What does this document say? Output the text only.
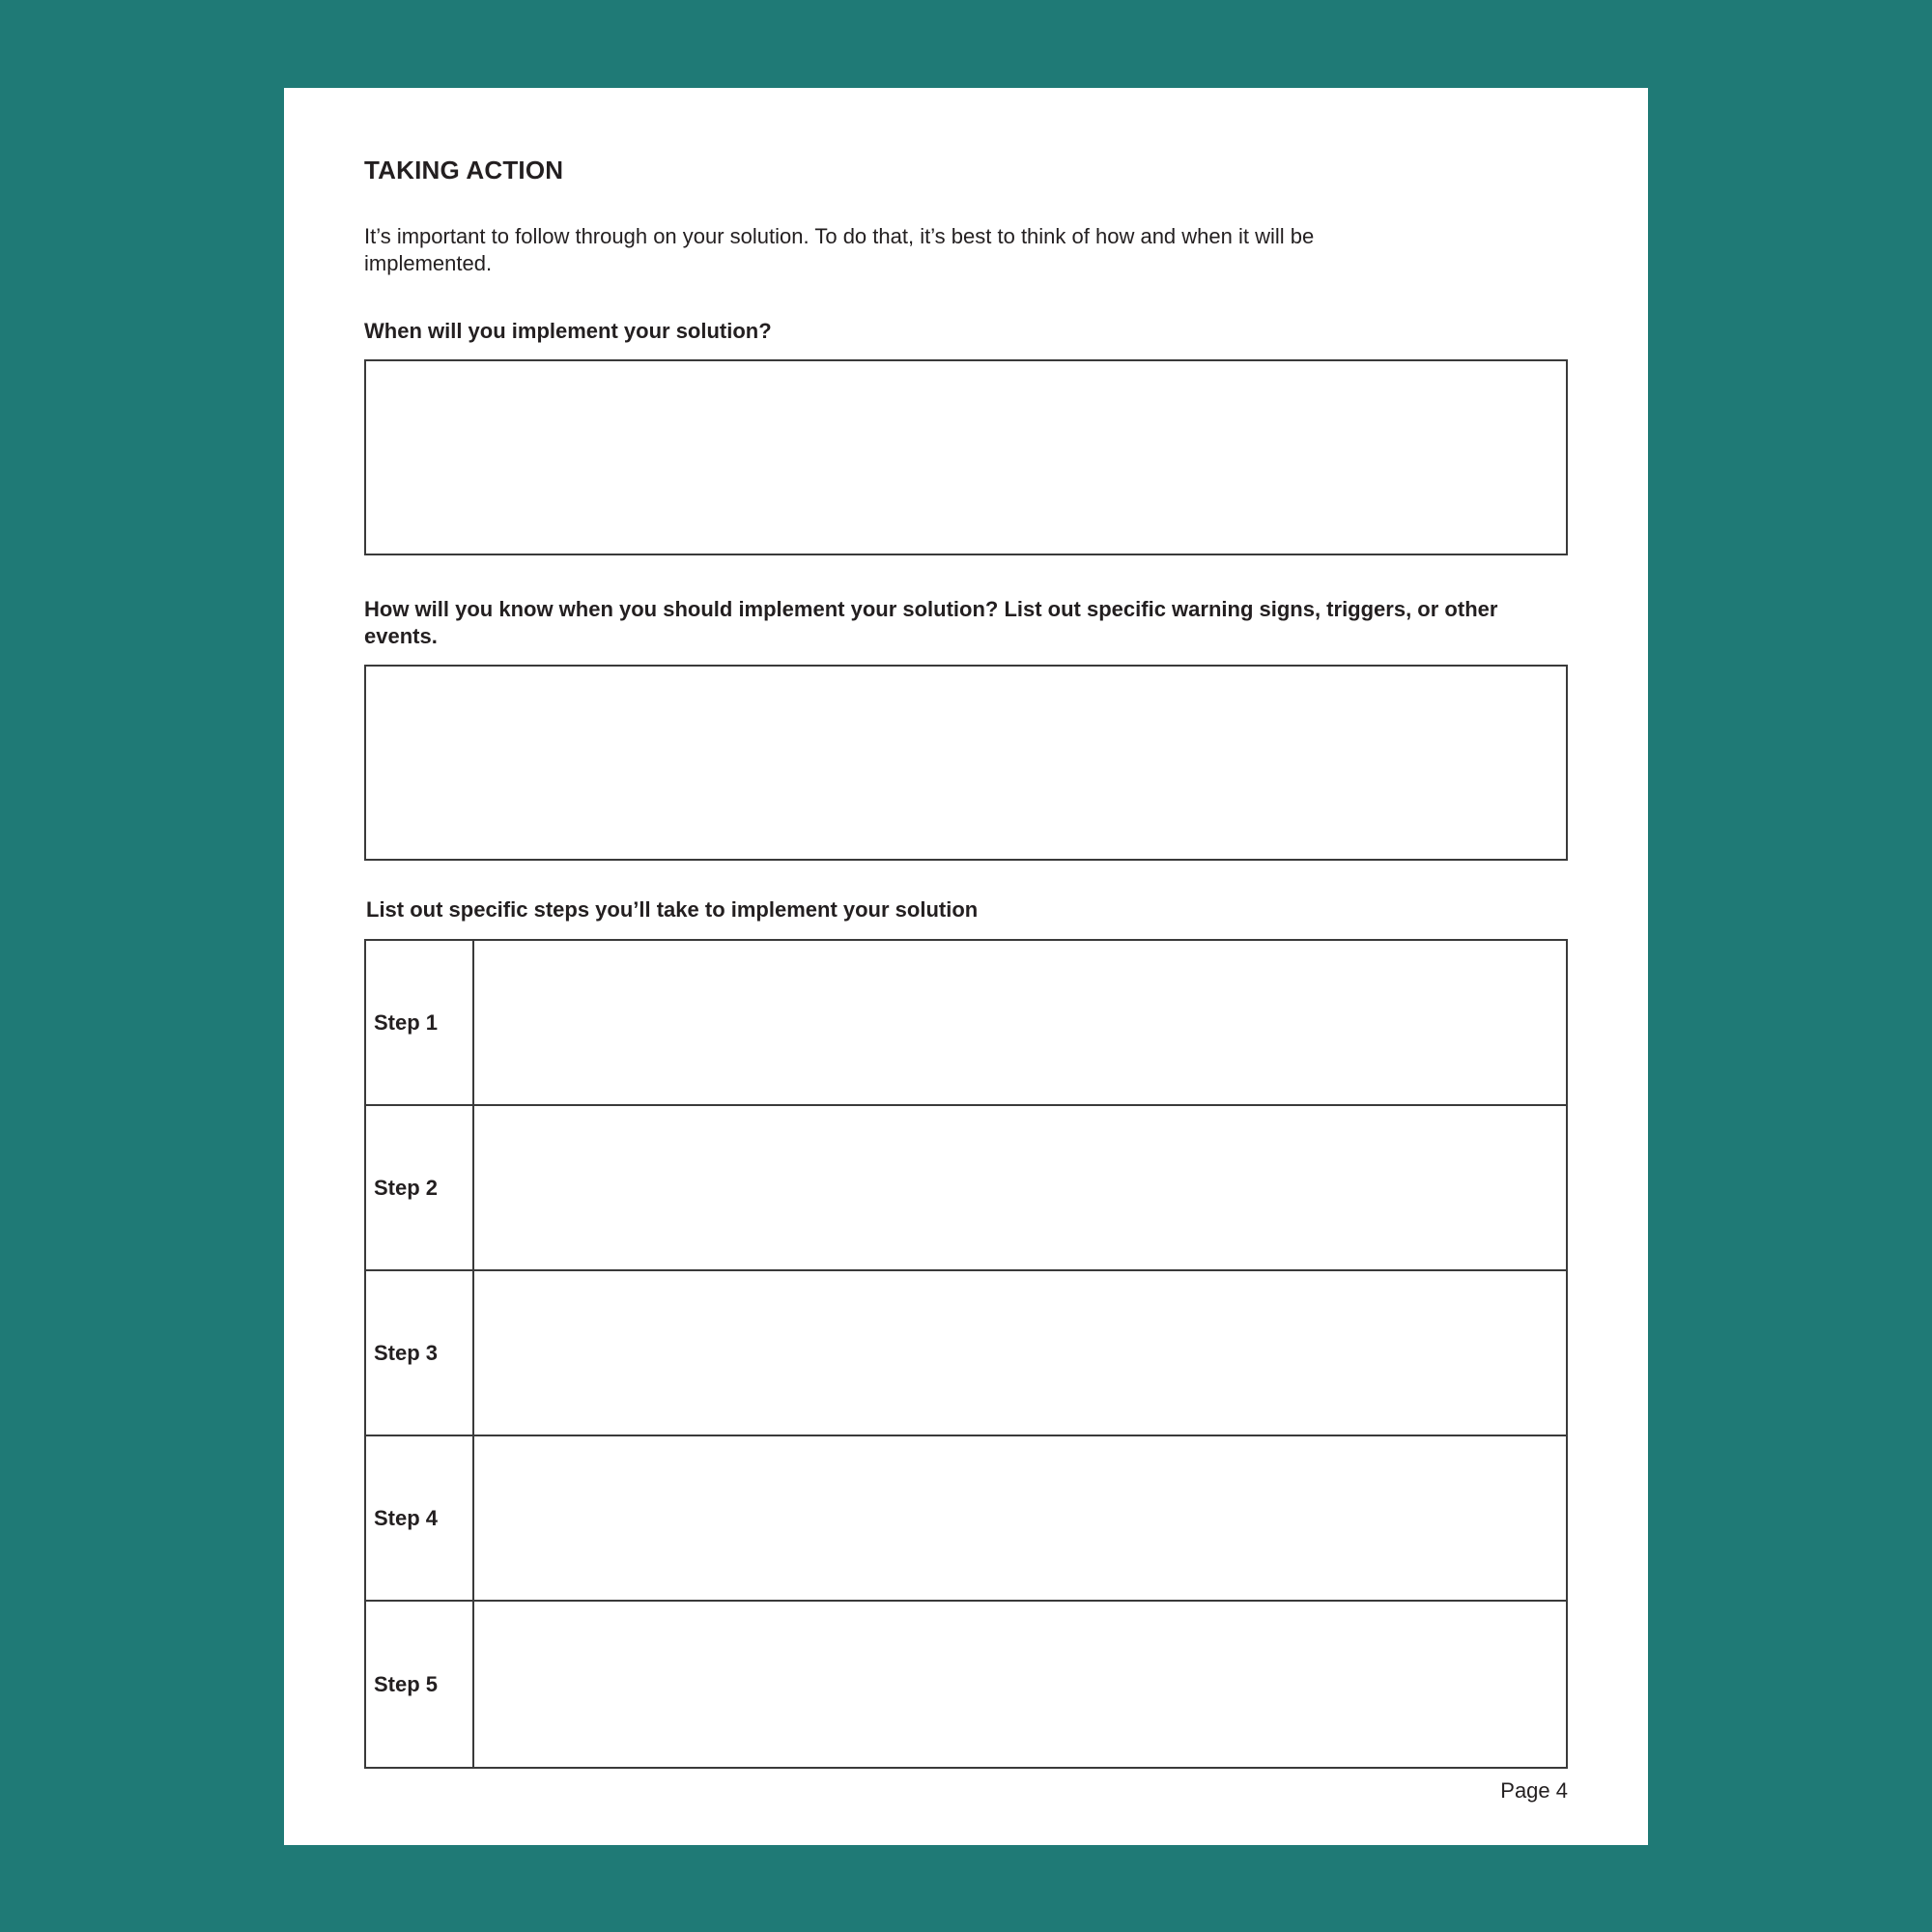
TAKING ACTION

It’s important to follow through on your solution. To do that, it’s best to think of how and when it will be implemented.

When will you implement your solution?

How will you know when you should implement your solution? List out specific warning signs, triggers, or other events.

List out specific steps you’ll take to implement your solution

Step 1
Step 2
Step 3
Step 4
Step 5

Page 4
